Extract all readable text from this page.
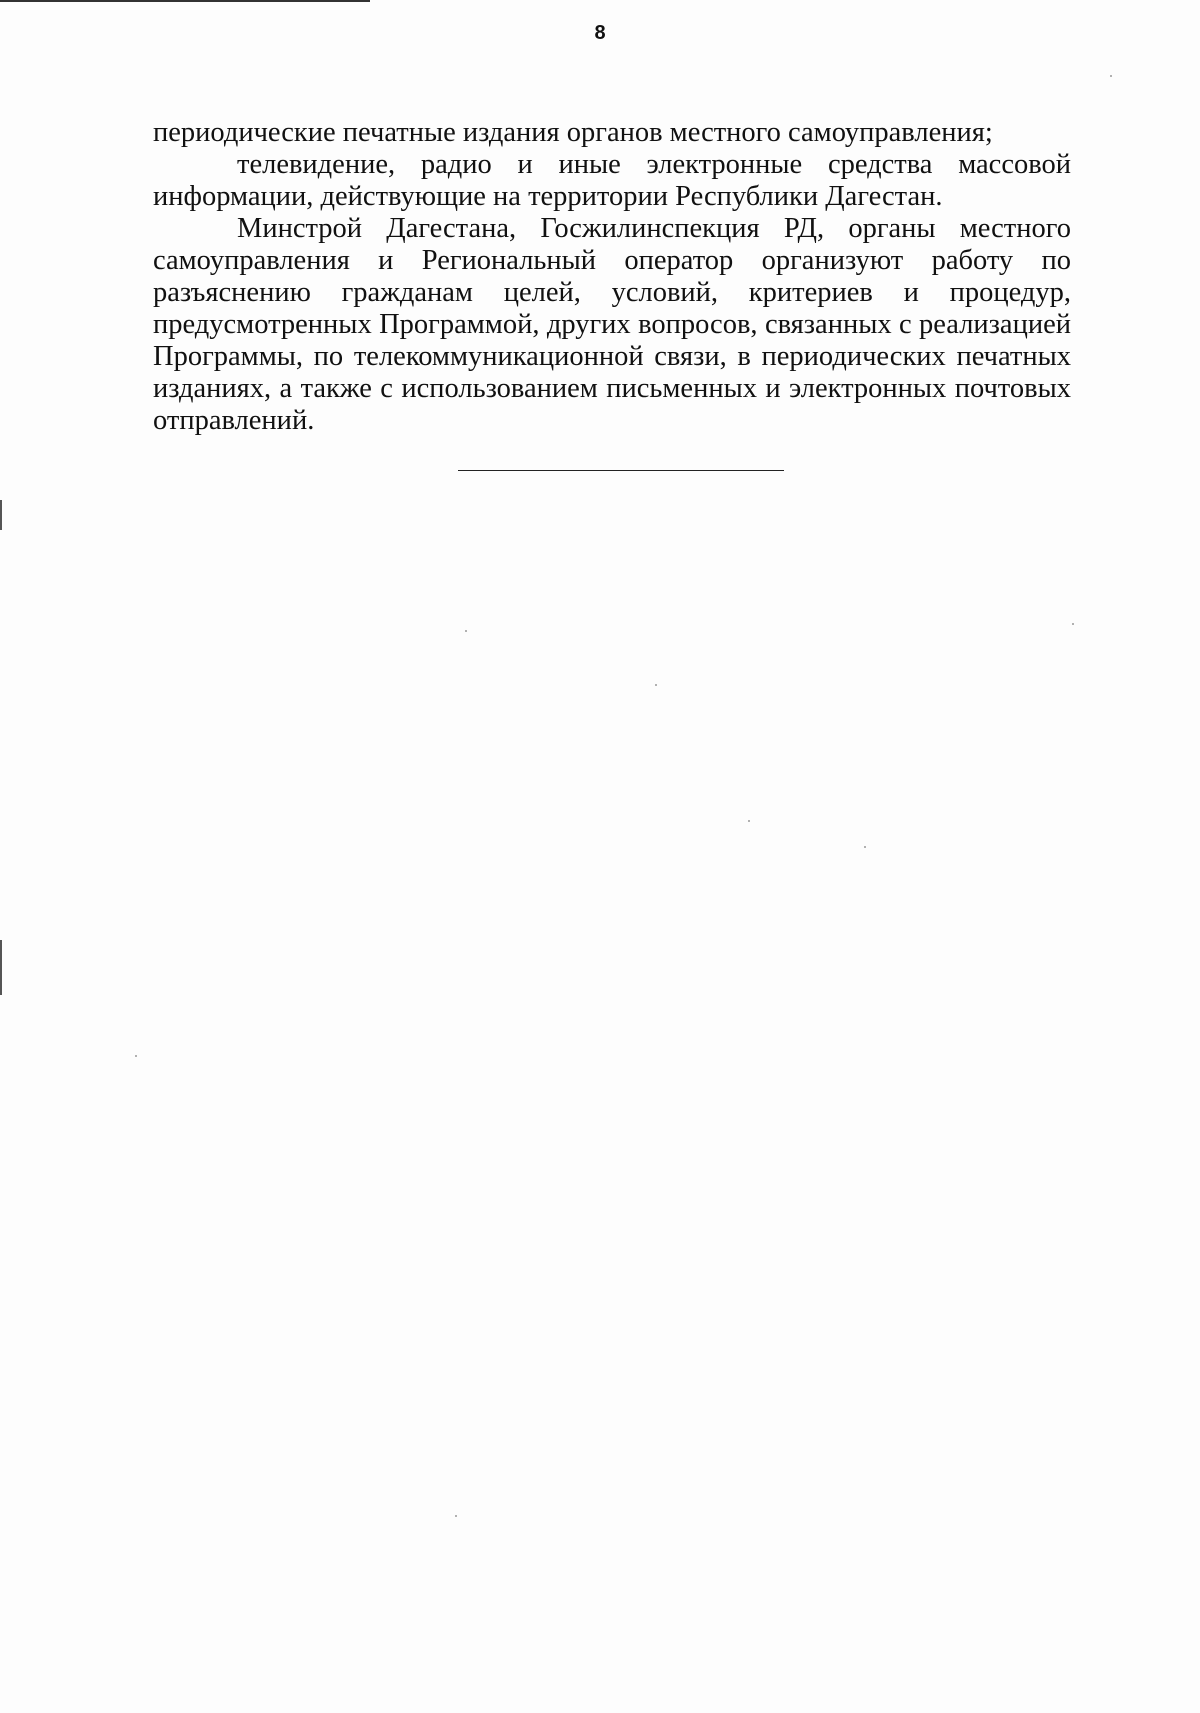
8

периодические печатные издания органов местного самоуправления;

телевидение, радио и иные электронные средства массовой информации, действующие на территории Республики Дагестан.

Минстрой Дагестана, Госжилинспекция РД, органы местного самоуправления и Региональный оператор организуют работу по разъяснению гражданам целей, условий, критериев и процедур, предусмотренных Программой, других вопросов, связанных с реализацией Программы, по телекоммуникационной связи, в периодических печатных изданиях, а также с использованием письменных и электронных почтовых отправлений.
